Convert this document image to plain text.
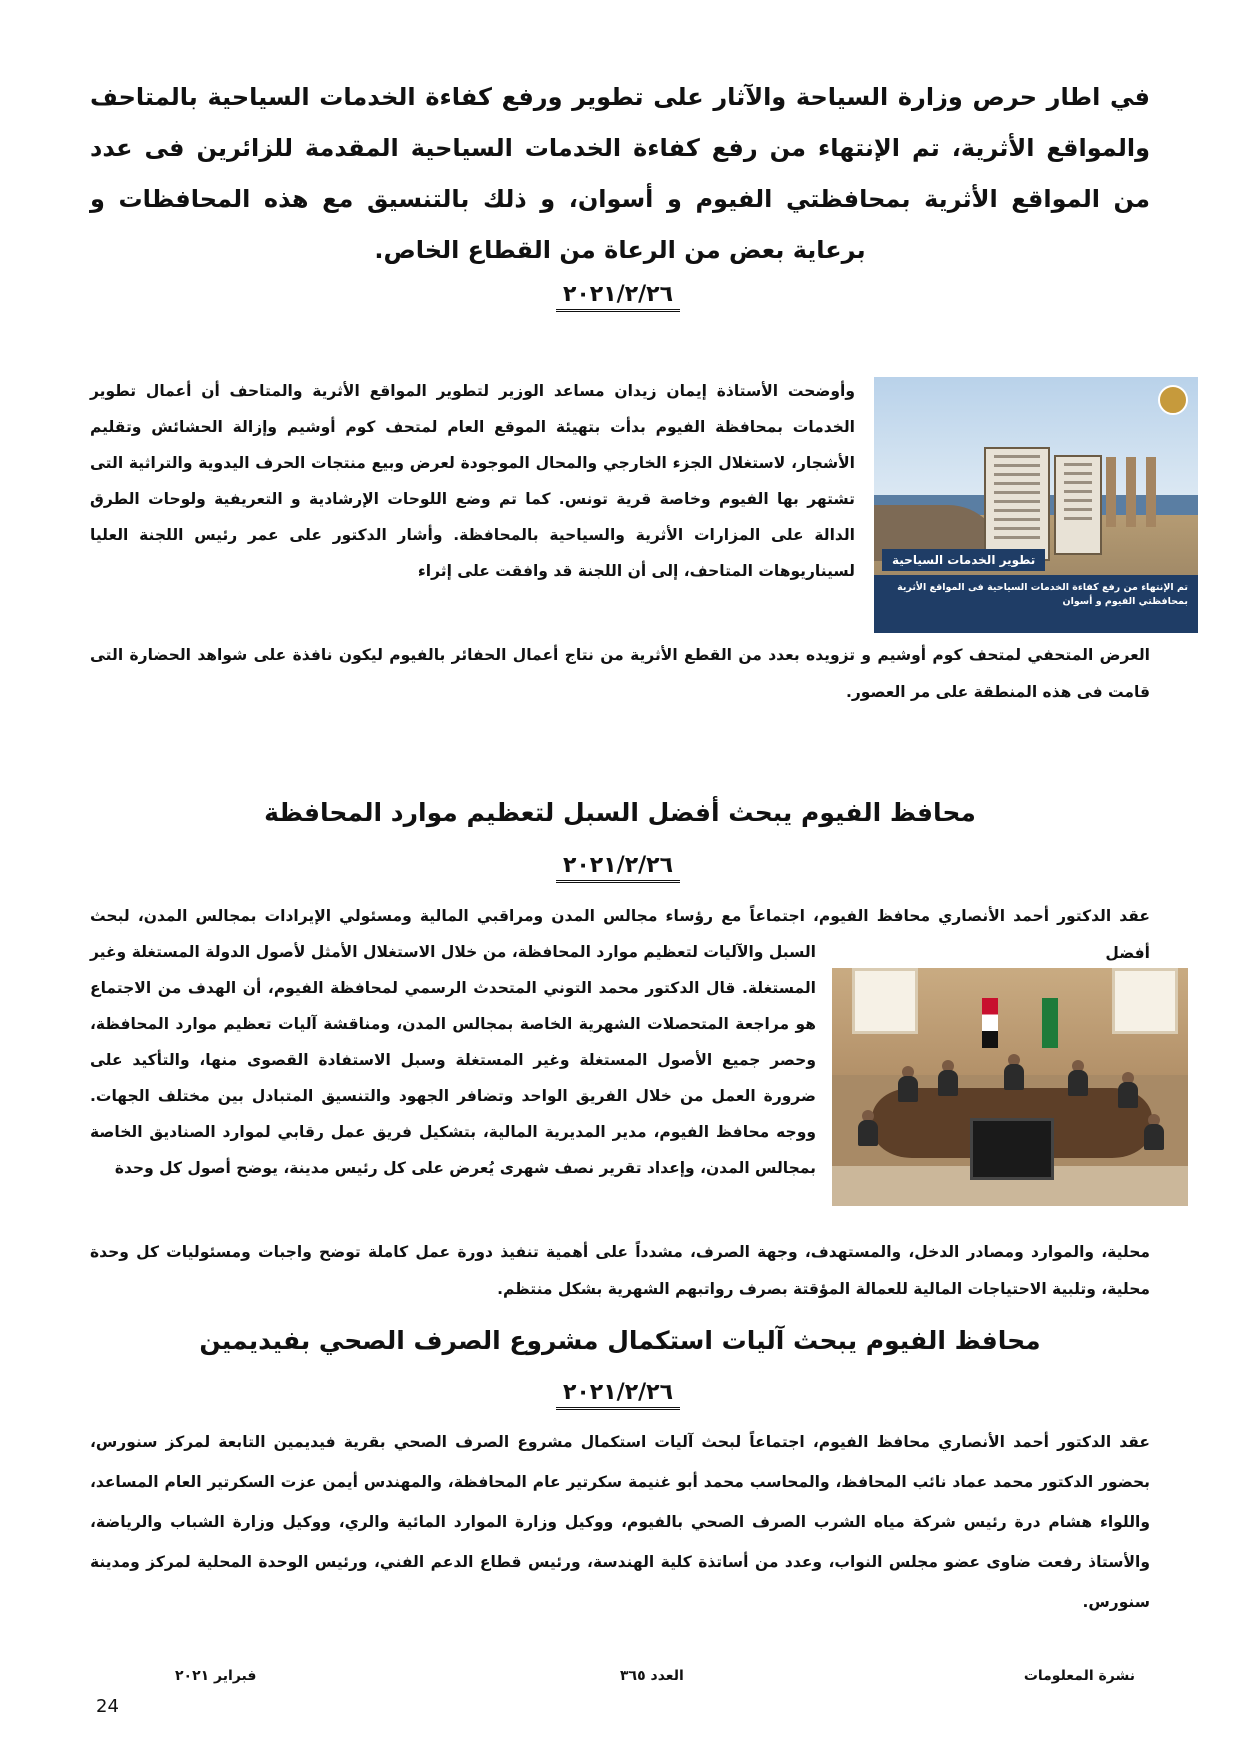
في اطار حرص وزارة السياحة والآثار على تطوير ورفع كفاءة الخدمات السياحية بالمتاحف والمواقع الأثرية، تم الإنتهاء من رفع كفاءة الخدمات السياحية المقدمة للزائرين فى عدد من المواقع الأثرية بمحافظتي الفيوم و أسوان، و ذلك بالتنسيق مع هذه المحافظات و برعاية بعض من الرعاة من القطاع الخاص.
٢٠٢١/٢/٢٦
تطوير الخدمات السياحية
تم الإنتهاء من رفع كفاءة الخدمات السياحية فى المواقع الأثرية بمحافظتي الفيوم و أسوان
وأوضحت الأستاذة إيمان زيدان مساعد الوزير لتطوير المواقع الأثرية والمتاحف أن أعمال تطوير الخدمات بمحافظة الفيوم بدأت بتهيئة الموقع العام لمتحف كوم أوشيم وإزالة الحشائش وتقليم الأشجار، لاستغلال الجزء الخارجي والمحال الموجودة لعرض وبيع منتجات الحرف اليدوية والتراثية التى تشتهر بها الفيوم وخاصة قرية تونس. كما تم وضع اللوحات الإرشادية و التعريفية ولوحات الطرق الدالة على المزارات الأثرية والسياحية بالمحافظة. وأشار الدكتور على عمر رئيس اللجنة العليا لسيناريوهات المتاحف، إلى أن اللجنة قد وافقت على إثراء
العرض المتحفي لمتحف كوم أوشيم و تزويده بعدد من القطع الأثرية من نتاج أعمال الحفائر بالفيوم ليكون نافذة على شواهد الحضارة التى قامت فى هذه المنطقة على مر العصور.
محافظ الفيوم يبحث أفضل السبل لتعظيم موارد المحافظة
٢٠٢١/٢/٢٦
عقد الدكتور أحمد الأنصاري محافظ الفيوم، اجتماعاً مع رؤساء مجالس المدن ومراقبي المالية ومسئولي الإيرادات بمجالس المدن، لبحث أفضل
السبل والآليات لتعظيم موارد المحافظة، من خلال الاستغلال الأمثل لأصول الدولة المستغلة وغير المستغلة. قال الدكتور محمد التوني المتحدث الرسمي لمحافظة الفيوم، أن الهدف من الاجتماع هو مراجعة المتحصلات الشهرية الخاصة بمجالس المدن، ومناقشة آليات تعظيم موارد المحافظة، وحصر جميع الأصول المستغلة وغير المستغلة وسبل الاستفادة القصوى منها، والتأكيد على ضرورة العمل من خلال الفريق الواحد وتضافر الجهود والتنسيق المتبادل بين مختلف الجهات. ووجه محافظ الفيوم، مدير المديرية المالية، بتشكيل فريق عمل رقابي لموارد الصناديق الخاصة بمجالس المدن، وإعداد تقرير نصف شهرى يُعرض على كل رئيس مدينة، يوضح أصول كل وحدة
محلية، والموارد ومصادر الدخل، والمستهدف، وجهة الصرف، مشدداً على أهمية تنفيذ دورة عمل كاملة توضح واجبات ومسئوليات كل وحدة محلية، وتلبية الاحتياجات المالية للعمالة المؤقتة بصرف رواتبهم الشهرية بشكل منتظم.
محافظ الفيوم يبحث آليات استكمال مشروع الصرف الصحي بفيديمين
٢٠٢١/٢/٢٦
عقد الدكتور أحمد الأنصاري محافظ الفيوم، اجتماعاً لبحث آليات استكمال مشروع الصرف الصحي بقرية فيديمين التابعة لمركز سنورس، بحضور الدكتور محمد عماد نائب المحافظ، والمحاسب محمد أبو غنيمة سكرتير عام المحافظة، والمهندس أيمن عزت السكرتير العام المساعد، واللواء هشام درة رئيس شركة مياه الشرب الصرف الصحي بالفيوم، ووكيل وزارة الموارد المائية والري، ووكيل وزارة الشباب والرياضة، والأستاذ رفعت ضاوى عضو مجلس النواب، وعدد من أساتذة كلية الهندسة، ورئيس قطاع الدعم الفني، ورئيس الوحدة المحلية لمركز ومدينة سنورس.
نشرة المعلومات
العدد ٣٦٥
فبراير ٢٠٢١
24
